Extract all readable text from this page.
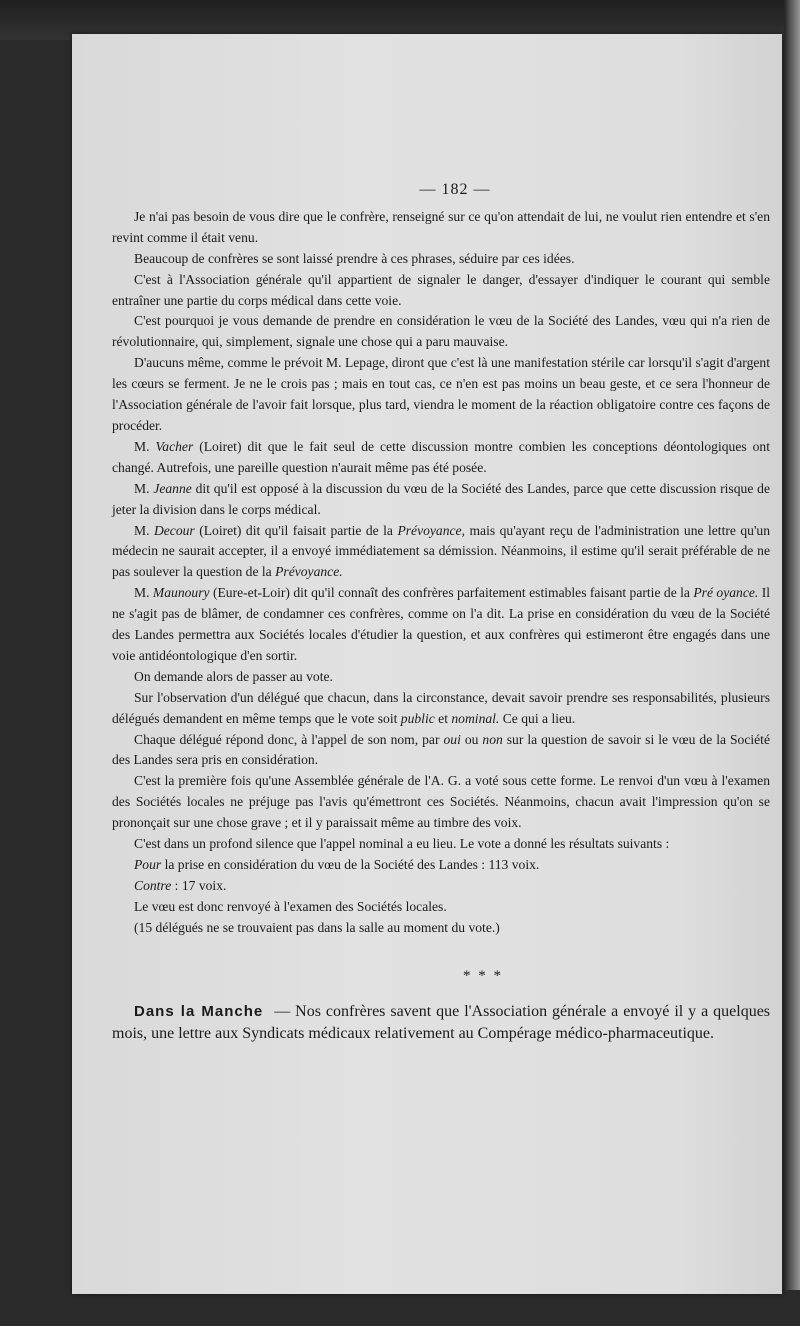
— 182 —

Je n'ai pas besoin de vous dire que le confrère, renseigné sur ce qu'on attendait de lui, ne voulut rien entendre et s'en revint comme il était venu.

Beaucoup de confrères se sont laissé prendre à ces phrases, séduire par ces idées.

C'est à l'Association générale qu'il appartient de signaler le danger, d'essayer d'indiquer le courant qui semble entraîner une partie du corps médical dans cette voie.

C'est pourquoi je vous demande de prendre en considération le vœu de la Société des Landes, vœu qui n'a rien de révolutionnaire, qui, simplement, signale une chose qui a paru mauvaise.

D'aucuns même, comme le prévoit M. Lepage, diront que c'est là une manifestation stérile car lorsqu'il s'agit d'argent les cœurs se ferment. Je ne le crois pas ; mais en tout cas, ce n'en est pas moins un beau geste, et ce sera l'honneur de l'Association générale de l'avoir fait lorsque, plus tard, viendra le moment de la réaction obligatoire contre ces façons de procéder.

M. Vacher (Loiret) dit que le fait seul de cette discussion montre combien les conceptions déontologiques ont changé. Autrefois, une pareille question n'aurait même pas été posée.

M. Jeanne dit qu'il est opposé à la discussion du vœu de la Société des Landes, parce que cette discussion risque de jeter la division dans le corps médical.

M. Decour (Loiret) dit qu'il faisait partie de la Prévoyance, mais qu'ayant reçu de l'administration une lettre qu'un médecin ne saurait accepter, il a envoyé immédiatement sa démission. Néanmoins, il estime qu'il serait préférable de ne pas soulever la question de la Prévoyance.

M. Maunoury (Eure-et-Loir) dit qu'il connaît des confrères parfaitement estimables faisant partie de la Pré oyance. Il ne s'agit pas de blâmer, de condamner ces confrères, comme on l'a dit. La prise en considération du vœu de la Société des Landes permettra aux Sociétés locales d'étudier la question, et aux confrères qui estimeront être engagés dans une voie antidéontologique d'en sortir.

On demande alors de passer au vote.

Sur l'observation d'un délégué que chacun, dans la circonstance, devait savoir prendre ses responsabilités, plusieurs délégués demandent en même temps que le vote soit public et nominal. Ce qui a lieu.

Chaque délégué répond donc, à l'appel de son nom, par oui ou non sur la question de savoir si le vœu de la Société des Landes sera pris en considération.

C'est la première fois qu'une Assemblée générale de l'A. G. a voté sous cette forme. Le renvoi d'un vœu à l'examen des Sociétés locales ne préjuge pas l'avis qu'émettront ces Sociétés. Néanmoins, chacun avait l'impression qu'on se prononçait sur une chose grave ; et il y paraissait même au timbre des voix.

C'est dans un profond silence que l'appel nominal a eu lieu. Le vote a donné les résultats suivants :

Pour la prise en considération du vœu de la Société des Landes : 113 voix.

Contre : 17 voix.

Le vœu est donc renvoyé à l'examen des Sociétés locales.

(15 délégués ne se trouvaient pas dans la salle au moment du vote.)

* * *

Dans la Manche — Nos confrères savent que l'Association générale a envoyé il y a quelques mois, une lettre aux Syndicats médicaux relativement au Compérage médico-pharmaceutique.
